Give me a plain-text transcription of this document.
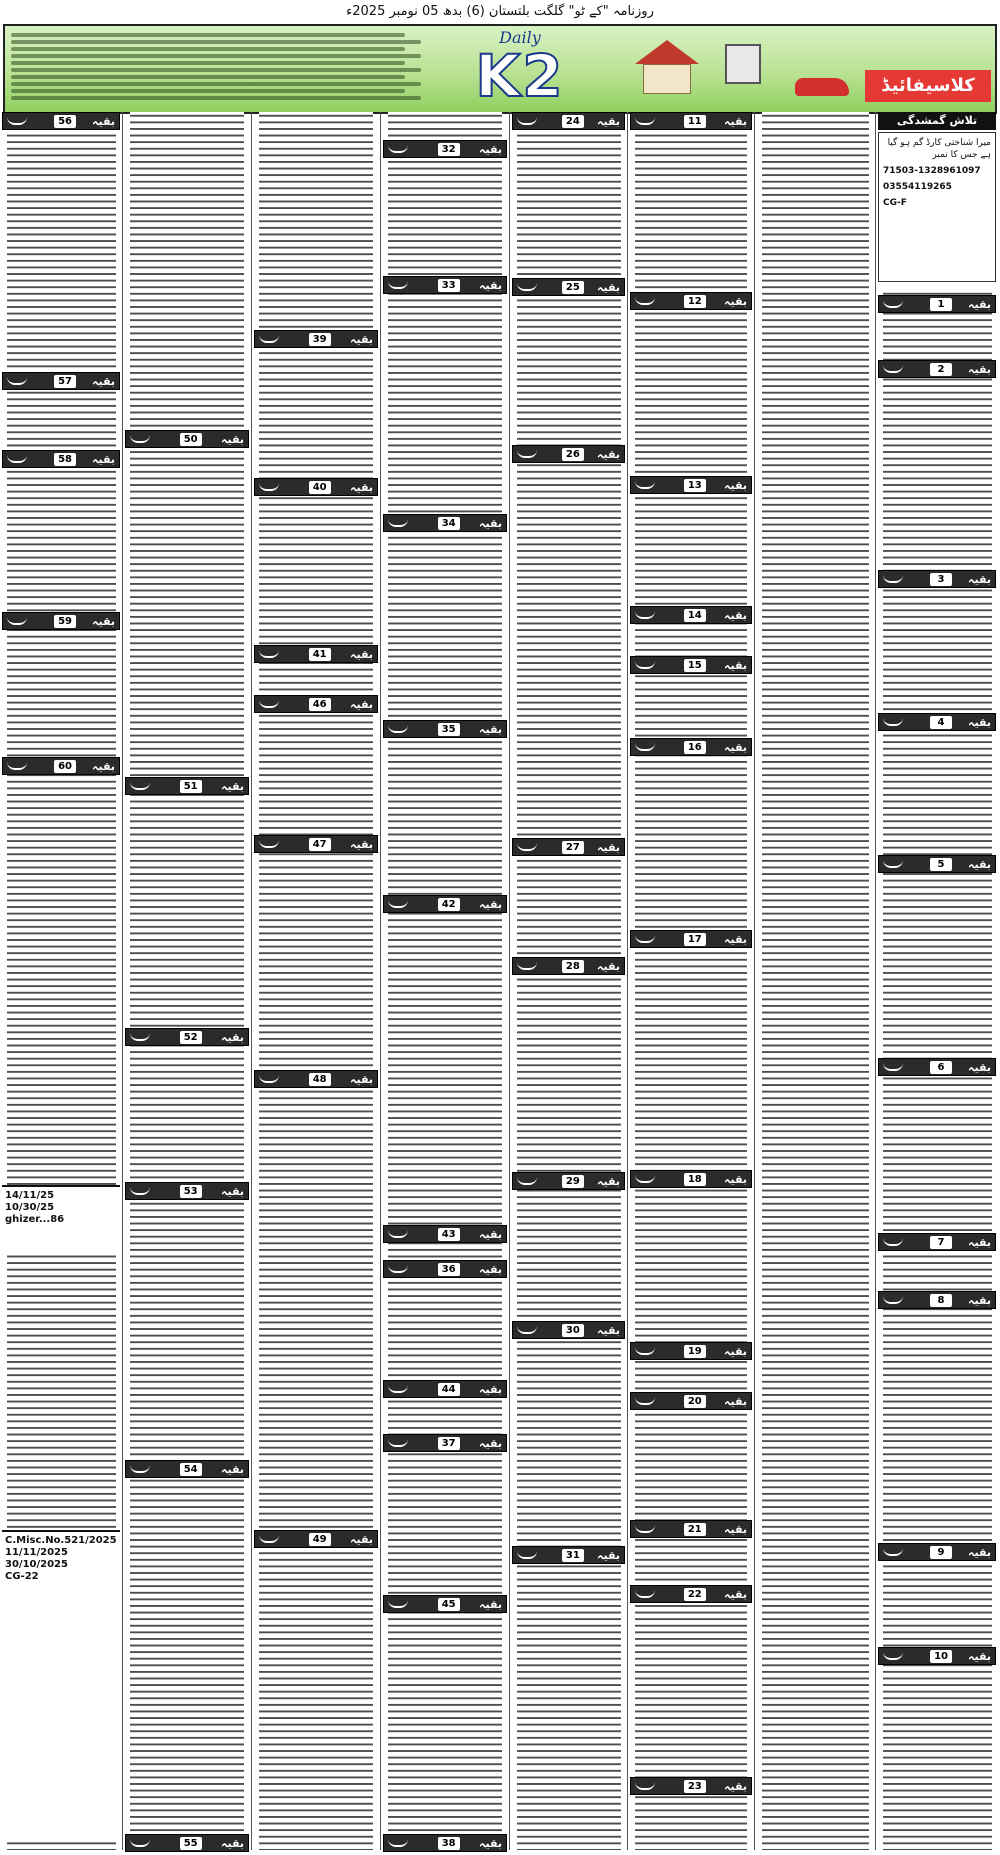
روزنامہ "کے ٹو" گلگت بلتستان (6) بدھ 05 نومبر 2025ء
Daily
K2	کلاسیفائیڈ
تلاش گمشدگی
میرا شناختی کارڈ گم ہو گیا ہے جس کا نمبر
71503-1328961097
03554119265
CG-F
14/11/25
10/30/25
ghizer...86
C.Misc.No.521/2025
11/11/2025
30/10/2025
CG-22
56	بقیہ
57	بقیہ
58	بقیہ
59	بقیہ
60	بقیہ
50	بقیہ
51	بقیہ
52	بقیہ
53	بقیہ
54	بقیہ
55	بقیہ
39	بقیہ
40	بقیہ
41	بقیہ
46	بقیہ
47	بقیہ
48	بقیہ
49	بقیہ
32	بقیہ
33	بقیہ
34	بقیہ
42	بقیہ
43	بقیہ
44	بقیہ
45	بقیہ
35	بقیہ
36	بقیہ
37	بقیہ
38	بقیہ
24	بقیہ
25	بقیہ
26	بقیہ
27	بقیہ
28	بقیہ
29	بقیہ
30	بقیہ
31	بقیہ
11	بقیہ
12	بقیہ
13	بقیہ
14	بقیہ
15	بقیہ
16	بقیہ
17	بقیہ
18	بقیہ
19	بقیہ
20	بقیہ
21	بقیہ
22	بقیہ
23	بقیہ
1	بقیہ
2	بقیہ
3	بقیہ
4	بقیہ
5	بقیہ
6	بقیہ
7	بقیہ
8	بقیہ
9	بقیہ
10	بقیہ
